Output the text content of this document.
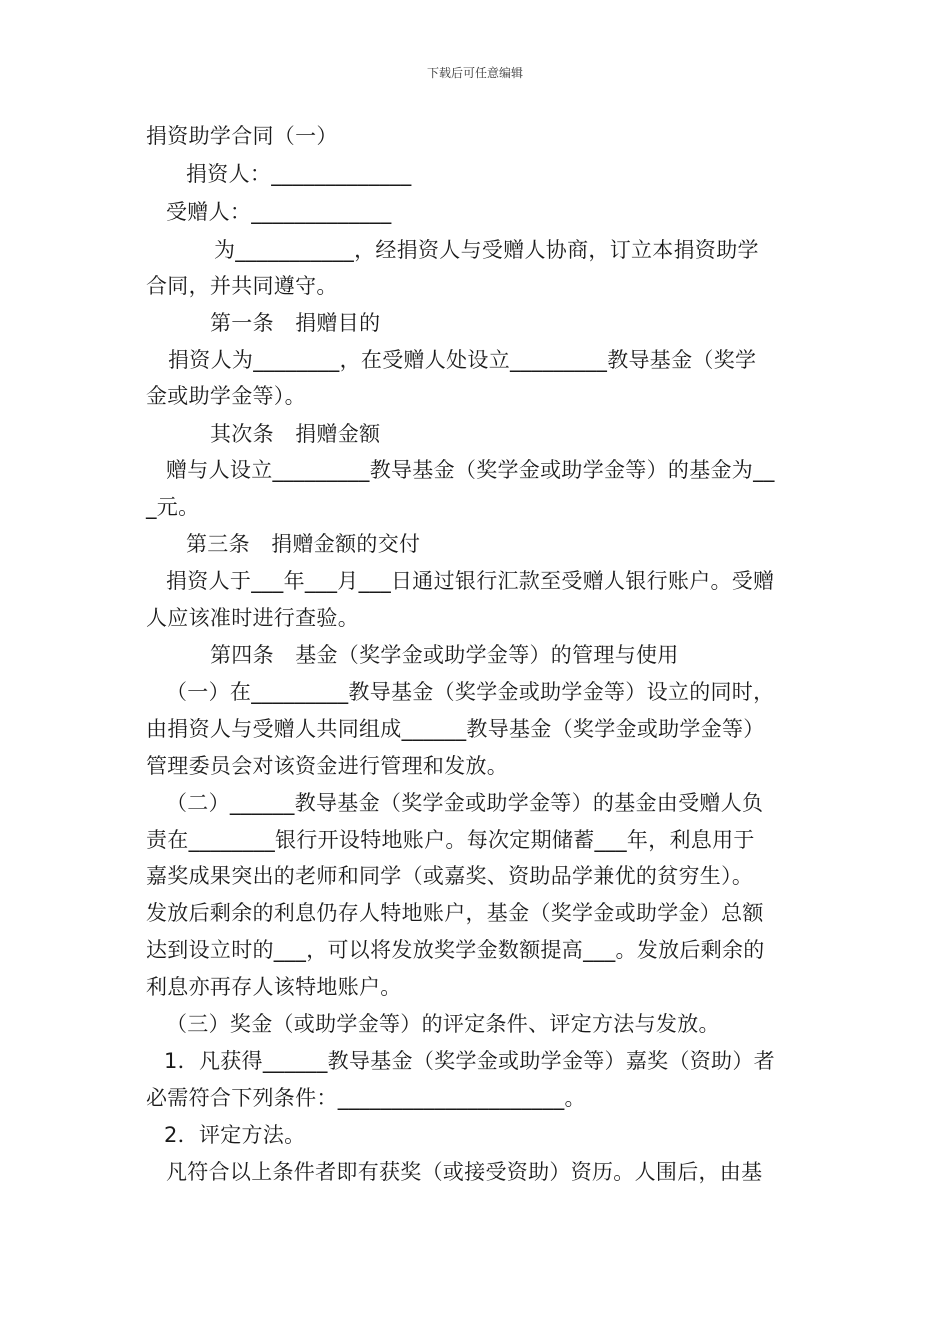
下载后可任意编辑
捐资助学合同（一）
捐资人：_____________
受赠人：_____________
为___________，经捐资人与受赠人协商，订立本捐资助学
合同，并共同遵守。
第一条　捐赠目的
捐资人为________，在受赠人处设立_________教导基金（奖学
金或助学金等）。
其次条　捐赠金额
赠与人设立_________教导基金（奖学金或助学金等）的基金为__
_元。
第三条　捐赠金额的交付
捐资人于___年___月___日通过银行汇款至受赠人银行账户。受赠
人应该准时进行查验。
第四条　基金（奖学金或助学金等）的管理与使用
（一）在_________教导基金（奖学金或助学金等）设立的同时，
由捐资人与受赠人共同组成______教导基金（奖学金或助学金等）
管理委员会对该资金进行管理和发放。
（二）______教导基金（奖学金或助学金等）的基金由受赠人负
责在________银行开设特地账户。每次定期储蓄___年，利息用于
嘉奖成果突出的老师和同学（或嘉奖、资助品学兼优的贫穷生）。
发放后剩余的利息仍存人特地账户，基金（奖学金或助学金）总额
达到设立时的___，可以将发放奖学金数额提高___。发放后剩余的
利息亦再存人该特地账户。
（三）奖金（或助学金等）的评定条件、评定方法与发放。
1．凡获得______教导基金（奖学金或助学金等）嘉奖（资助）者
必需符合下列条件：_____________________。
2．评定方法。
凡符合以上条件者即有获奖（或接受资助）资历。人围后，由基
